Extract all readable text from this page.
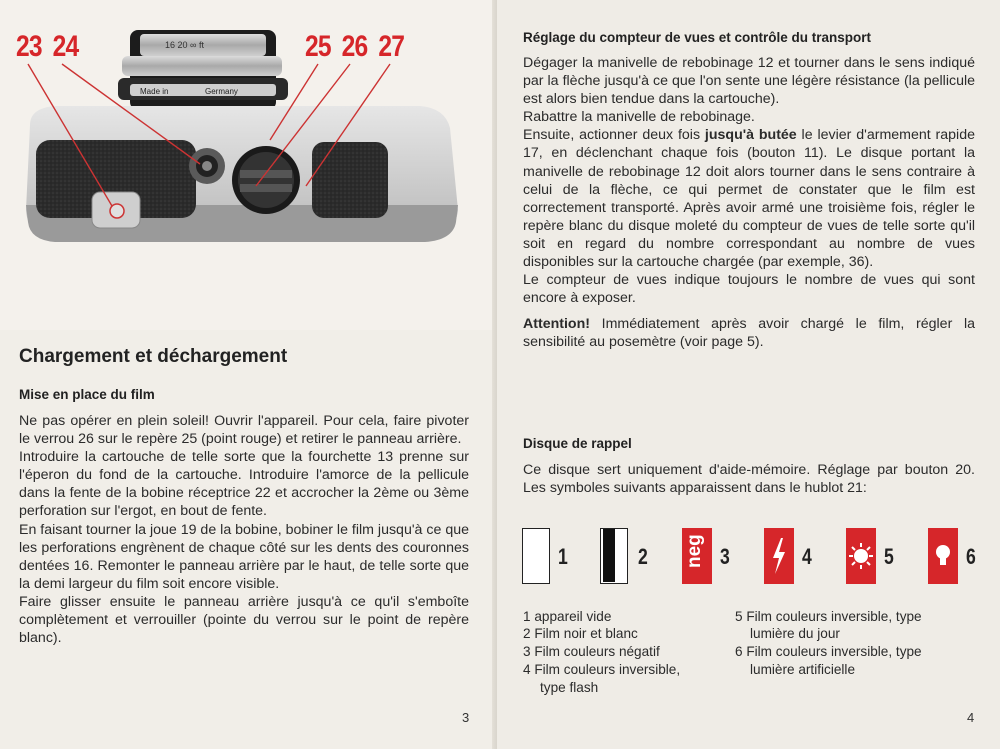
16 20 ∞ ft
Made in	Germany
23 24	25 26 27
Chargement et déchargement
Mise en place du film

Ne pas opérer en plein soleil! Ouvrir l'appareil. Pour cela, faire pivoter le verrou 26 sur le repère 25 (point rouge) et retirer le panneau arrière.

Introduire la cartouche de telle sorte que la fourchette 13 prenne sur l'éperon du fond de la cartouche. Introduire l'amorce de la pellicule dans la fente de la bobine réceptrice 22 et accrocher la 2ème ou 3ème perforation sur l'ergot, en bout de fente.

En faisant tourner la joue 19 de la bobine, bobiner le film jusqu'à ce que les perforations engrènent de chaque côté sur les dents des couronnes dentées 16. Remonter le panneau arrière par le haut, de telle sorte que la demi largeur du film soit encore visible.

Faire glisser ensuite le panneau arrière jusqu'à ce qu'il s'emboîte complètement et verrouiller (pointe du verrou sur le point de repère blanc).

3
Réglage du compteur de vues et contrôle du transport

Dégager la manivelle de rebobinage 12 et tourner dans le sens indiqué par la flèche jusqu'à ce que l'on sente une légère résistance (la pellicule est alors bien tendue dans la cartouche).

Rabattre la manivelle de rebobinage.

Ensuite, actionner deux fois jusqu'à butée le levier d'armement rapide 17, en déclenchant chaque fois (bouton 11). Le disque portant la manivelle de rebobinage 12 doit alors tourner dans le sens contraire à celui de la flèche, ce qui permet de constater que le film est correctement transporté. Après avoir armé une troisième fois, régler le repère blanc du disque moleté du compteur de vues de telle sorte qu'il soit en regard du nombre correspondant au nombre de vues disponibles sur la cartouche chargée (par exemple, 36).

Le compteur de vues indique toujours le nombre de vues qui sont encore à exposer.

Attention! Immédiatement après avoir chargé le film, régler la sensibilité au posemètre (voir page 5).

Disque de rappel

Ce disque sert uniquement d'aide-mémoire. Réglage par bouton 20. Les symboles suivants apparaissent dans le hublot 21:

4
1	2 neg 3	4	5	6
1 appareil vide
2 Film noir et blanc
3 Film couleurs négatif
4 Film couleurs inversible,
type flash
5 Film couleurs inversible, type
lumière du jour
6 Film couleurs inversible, type
lumière artificielle
